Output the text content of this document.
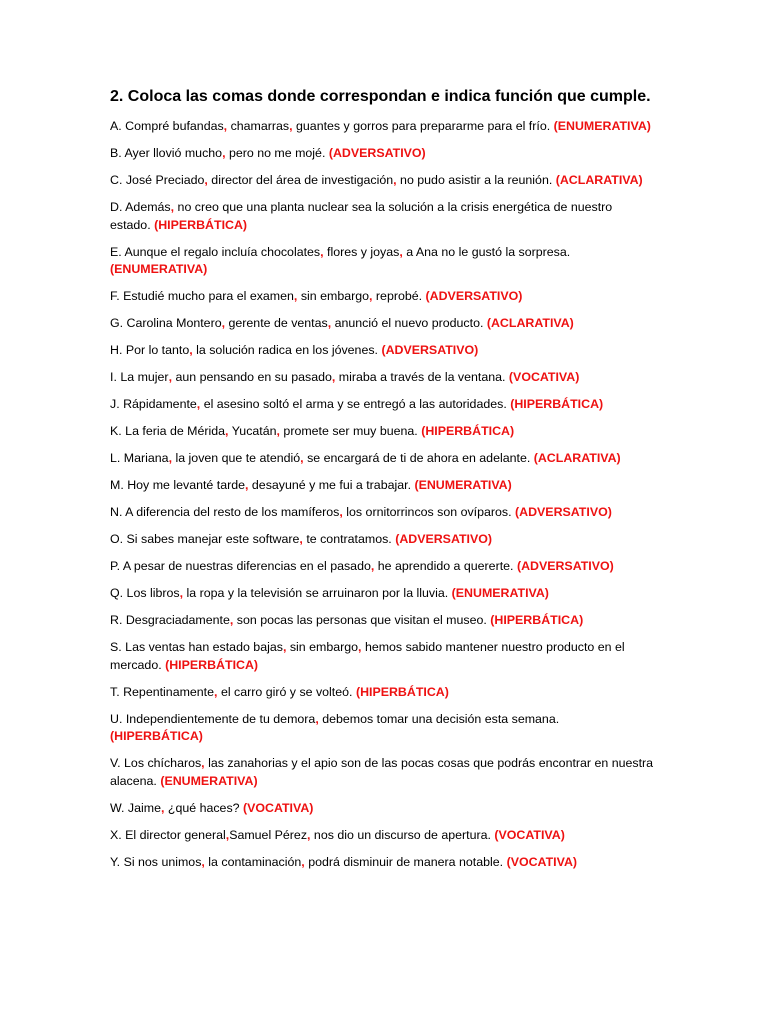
2. Coloca las comas donde correspondan e indica función que cumple.
A. Compré bufandas, chamarras, guantes y gorros para prepararme para el frío. (ENUMERATIVA)
B. Ayer llovió mucho, pero no me mojé. (ADVERSATIVO)
C. José Preciado, director del área de investigación, no pudo asistir a la reunión. (ACLARATIVA)
D. Además, no creo que una planta nuclear sea la solución a la crisis energética de nuestro estado. (HIPERBÁTICA)
E. Aunque el regalo incluía chocolates, flores y joyas, a Ana no le gustó la sorpresa. (ENUMERATIVA)
F. Estudié mucho para el examen, sin embargo, reprobé. (ADVERSATIVO)
G. Carolina Montero, gerente de ventas, anunció el nuevo producto. (ACLARATIVA)
H. Por lo tanto, la solución radica en los jóvenes. (ADVERSATIVO)
I. La mujer, aun pensando en su pasado, miraba a través de la ventana. (VOCATIVA)
J. Rápidamente, el asesino soltó el arma y se entregó a las autoridades. (HIPERBÁTICA)
K. La feria de Mérida, Yucatán, promete ser muy buena. (HIPERBÁTICA)
L. Mariana, la joven que te atendió, se encargará de ti de ahora en adelante. (ACLARATIVA)
M. Hoy me levanté tarde, desayuné y me fui a trabajar. (ENUMERATIVA)
N. A diferencia del resto de los mamíferos, los ornitorrincos son ovíparos. (ADVERSATIVO)
O. Si sabes manejar este software, te contratamos. (ADVERSATIVO)
P. A pesar de nuestras diferencias en el pasado, he aprendido a quererte. (ADVERSATIVO)
Q. Los libros, la ropa y la televisión se arruinaron por la lluvia. (ENUMERATIVA)
R. Desgraciadamente, son pocas las personas que visitan el museo. (HIPERBÁTICA)
S. Las ventas han estado bajas, sin embargo, hemos sabido mantener nuestro producto en el mercado. (HIPERBÁTICA)
T. Repentinamente, el carro giró y se volteó. (HIPERBÁTICA)
U. Independientemente de tu demora, debemos tomar una decisión esta semana. (HIPERBÁTICA)
V. Los chícharos, las zanahorias y el apio son de las pocas cosas que podrás encontrar en nuestra alacena. (ENUMERATIVA)
W. Jaime, ¿qué haces? (VOCATIVA)
X. El director general,Samuel Pérez, nos dio un discurso de apertura. (VOCATIVA)
Y. Si nos unimos, la contaminación, podrá disminuir de manera notable. (VOCATIVA)
